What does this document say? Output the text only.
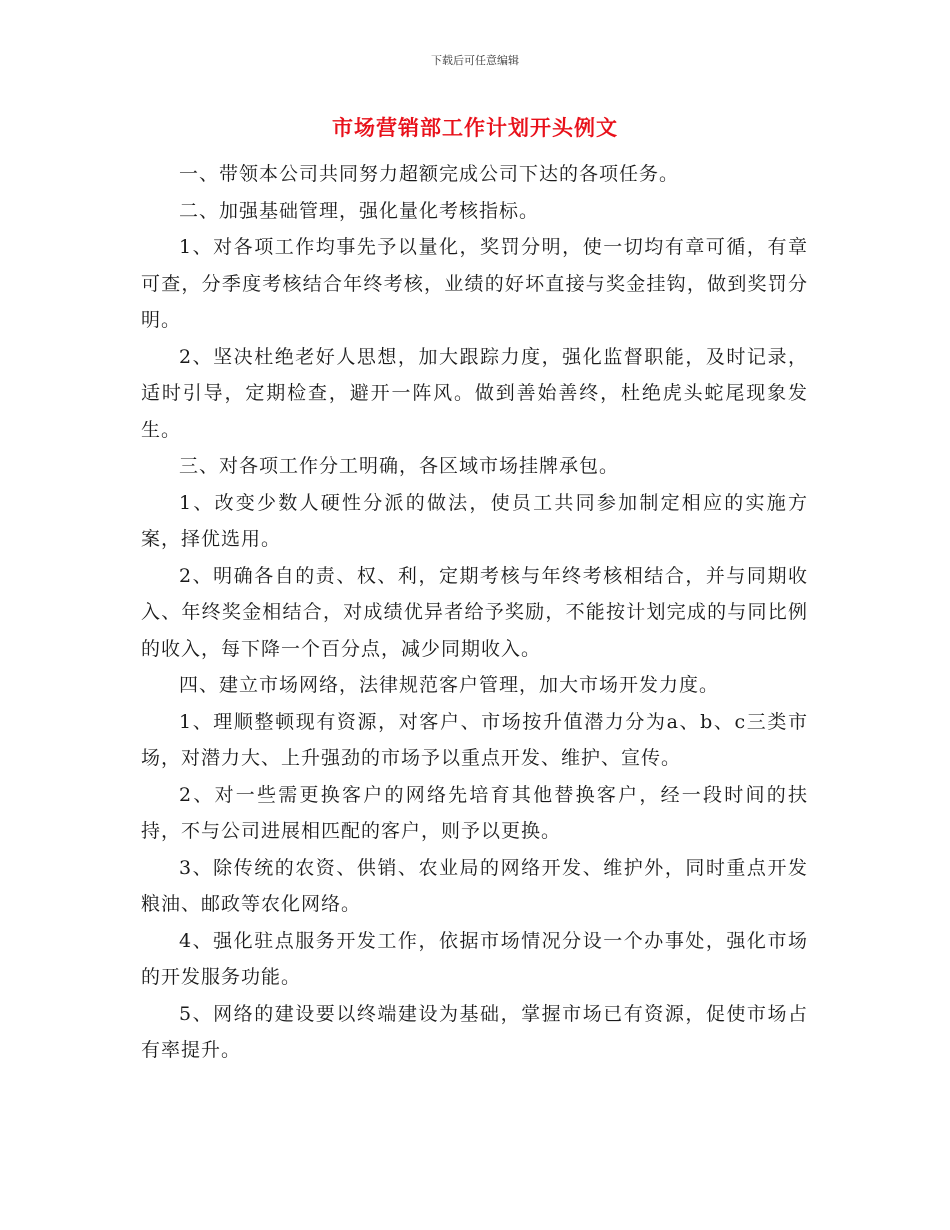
下载后可任意编辑
市场营销部工作计划开头例文

一、带领本公司共同努力超额完成公司下达的各项任务。

二、加强基础管理，强化量化考核指标。

1、对各项工作均事先予以量化，奖罚分明，使一切均有章可循，有章可查，分季度考核结合年终考核，业绩的好坏直接与奖金挂钩，做到奖罚分明。

2、坚决杜绝老好人思想，加大跟踪力度，强化监督职能，及时记录，适时引导，定期检查，避开一阵风。做到善始善终，杜绝虎头蛇尾现象发生。

三、对各项工作分工明确，各区域市场挂牌承包。

1、改变少数人硬性分派的做法，使员工共同参加制定相应的实施方案，择优选用。

2、明确各自的责、权、利，定期考核与年终考核相结合，并与同期收入、年终奖金相结合，对成绩优异者给予奖励，不能按计划完成的与同比例的收入，每下降一个百分点，减少同期收入。

四、建立市场网络，法律规范客户管理，加大市场开发力度。

1、理顺整顿现有资源，对客户、市场按升值潜力分为a、b、c三类市场，对潜力大、上升强劲的市场予以重点开发、维护、宣传。

2、对一些需更换客户的网络先培育其他替换客户，经一段时间的扶持，不与公司进展相匹配的客户，则予以更换。

3、除传统的农资、供销、农业局的网络开发、维护外，同时重点开发粮油、邮政等农化网络。

4、强化驻点服务开发工作，依据市场情况分设一个办事处，强化市场的开发服务功能。

5、网络的建设要以终端建设为基础，掌握市场已有资源，促使市场占有率提升。
